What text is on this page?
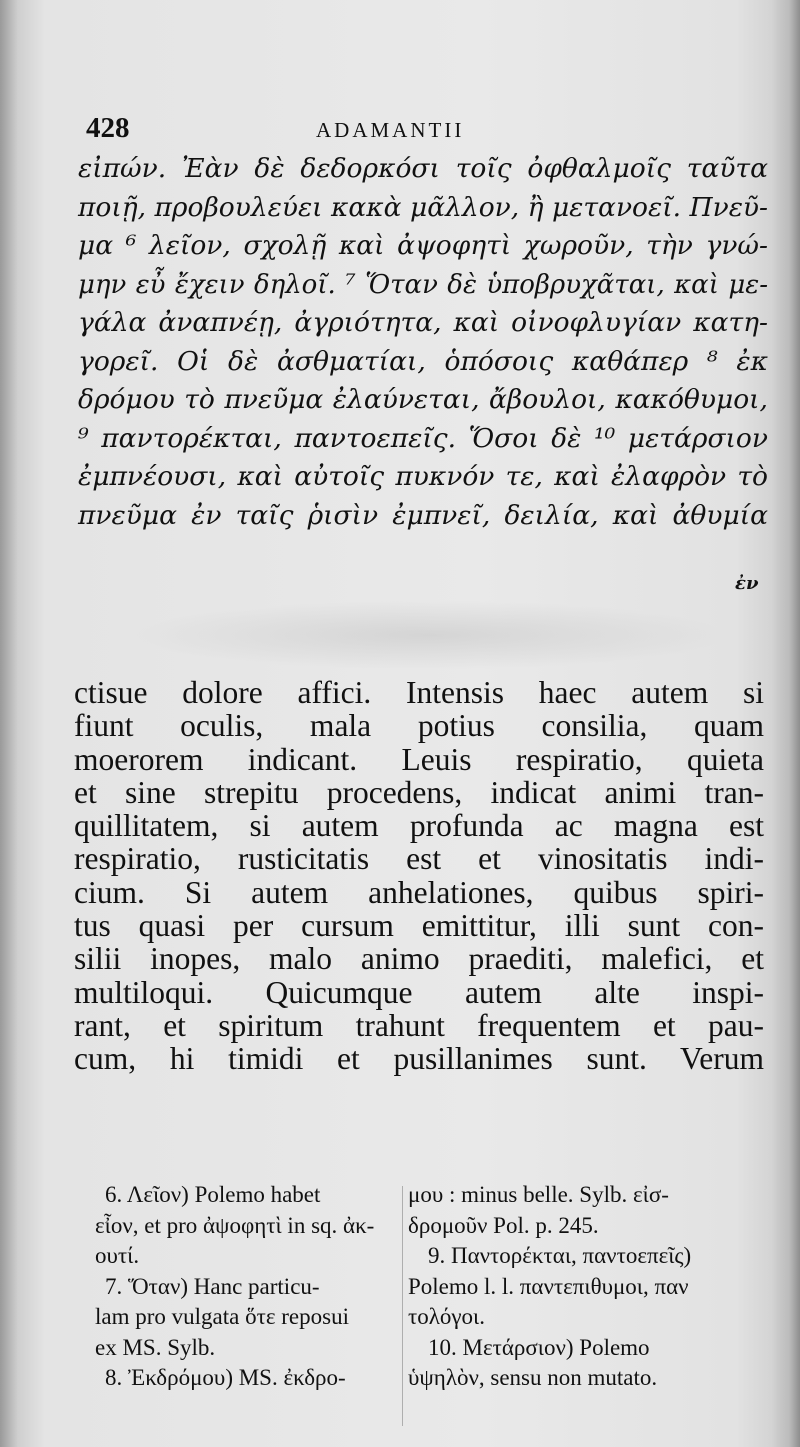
428	ADAMANTII
εἰπών. Ἐὰν δὲ δεδορκόσι τοῖς ὀφθαλμοῖς ταῦτα
ποιῇ, προβουλεύει κακὰ μᾶλλον, ἢ μετανοεῖ. Πνεῦ-
μα ⁶ λεῖον, σχολῇ καὶ ἀψοφητὶ χωροῦν, τὴν γνώ-
μην εὖ ἔχειν δηλοῖ. ⁷ Ὅταν δὲ ὑποβρυχᾶται, καὶ με-
γάλα ἀναπνέῃ, ἀγριότητα, καὶ οἰνοφλυγίαν κατη-
γορεῖ. Οἱ δὲ ἀσθματίαι, ὁπόσοις καθάπερ ⁸ ἐκ
δρόμου τὸ πνεῦμα ἐλαύνεται, ἄβουλοι, κακόθυμοι,
⁹ παντορέκται, παντοεπεῖς. Ὅσοι δὲ ¹⁰ μετάρσιον
ἐμπνέουσι, καὶ αὐτοῖς πυκνόν τε, καὶ ἐλαφρὸν τὸ
πνεῦμα ἐν ταῖς ῥισὶν ἐμπνεῖ, δειλία, καὶ ἀθυμία
ἐν
ctisue dolore affici. Intensis haec autem si
fiunt oculis, mala potius consilia, quam
moerorem indicant. Leuis respiratio, quieta
et sine strepitu procedens, indicat animi tran-
quillitatem, si autem profunda ac magna est
respiratio, rusticitatis est et vinositatis indi-
cium. Si autem anhelationes, quibus spiri-
tus quasi per cursum emittitur, illi sunt con-
silii inopes, malo animo praediti, malefici, et
multiloqui. Quicumque autem alte inspi-
rant, et spiritum trahunt frequentem et pau-
cum, hi timidi et pusillanimes sunt. Verum
6. Λεῖον) Polemo habet
εἶον, et pro ἀψοφητὶ in sq. ἀκ-
ουτί.
7. Ὅταν) Hanc particu-
lam pro vulgata ὅτε reposui
ex MS. Sylb.
8. Ἐκδρόμου) MS. ἐκδρο-
μου : minus belle. Sylb. εἰσ-
δρομοῦν Pol. p. 245.
9. Παντορέκται, παντοεπεῖς)
Polemo l. l. παντεπιθυμοι, παν
τολόγοι.
10. Μετάρσιον) Polemo
ὑψηλὸν, sensu non mutato.
